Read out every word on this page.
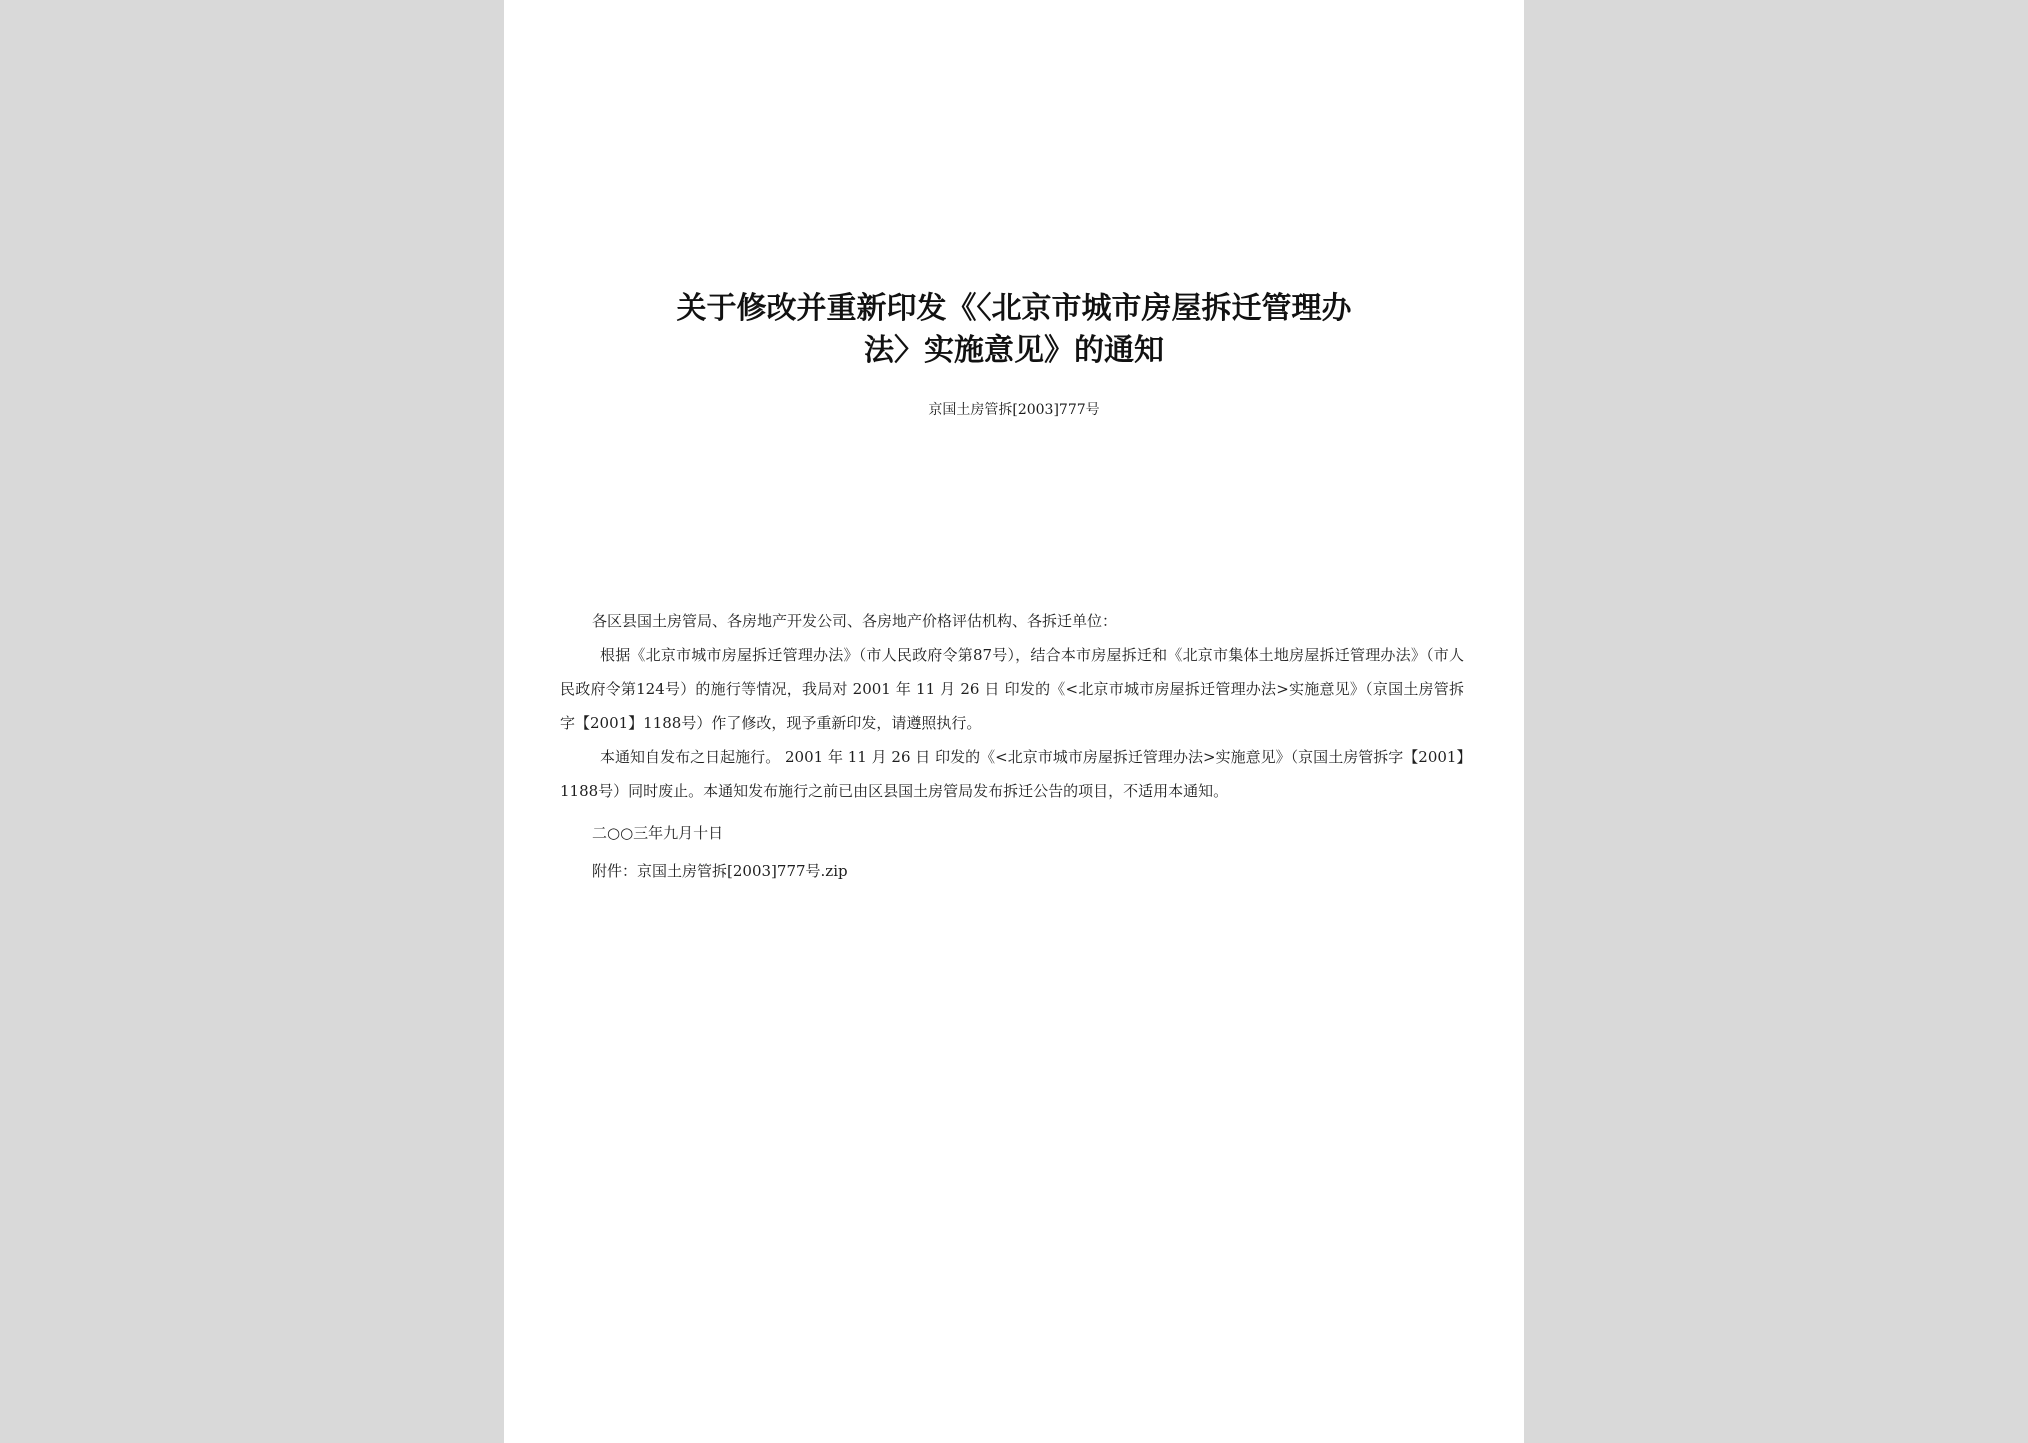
关于修改并重新印发《〈北京市城市房屋拆迁管理办
法〉实施意见》的通知
京国土房管拆[2003]777号

各区县国土房管局、各房地产开发公司、各房地产价格评估机构、各拆迁单位：

根据《北京市城市房屋拆迁管理办法》（市人民政府令第87号），结合本市房屋拆迁和《北京市集体土地房屋拆迁管理办法》（市人民政府令第124号）的施行等情况，我局对 2001 年 11 月 26 日 印发的《<北京市城市房屋拆迁管理办法>实施意见》（京国土房管拆字【2001】1188号）作了修改，现予重新印发，请遵照执行。

本通知自发布之日起施行。 2001 年 11 月 26 日 印发的《<北京市城市房屋拆迁管理办法>实施意见》（京国土房管拆字【2001】1188号）同时废止。本通知发布施行之前已由区县国土房管局发布拆迁公告的项目，不适用本通知。

二○○三年九月十日

附件：京国土房管拆[2003]777号.zip
